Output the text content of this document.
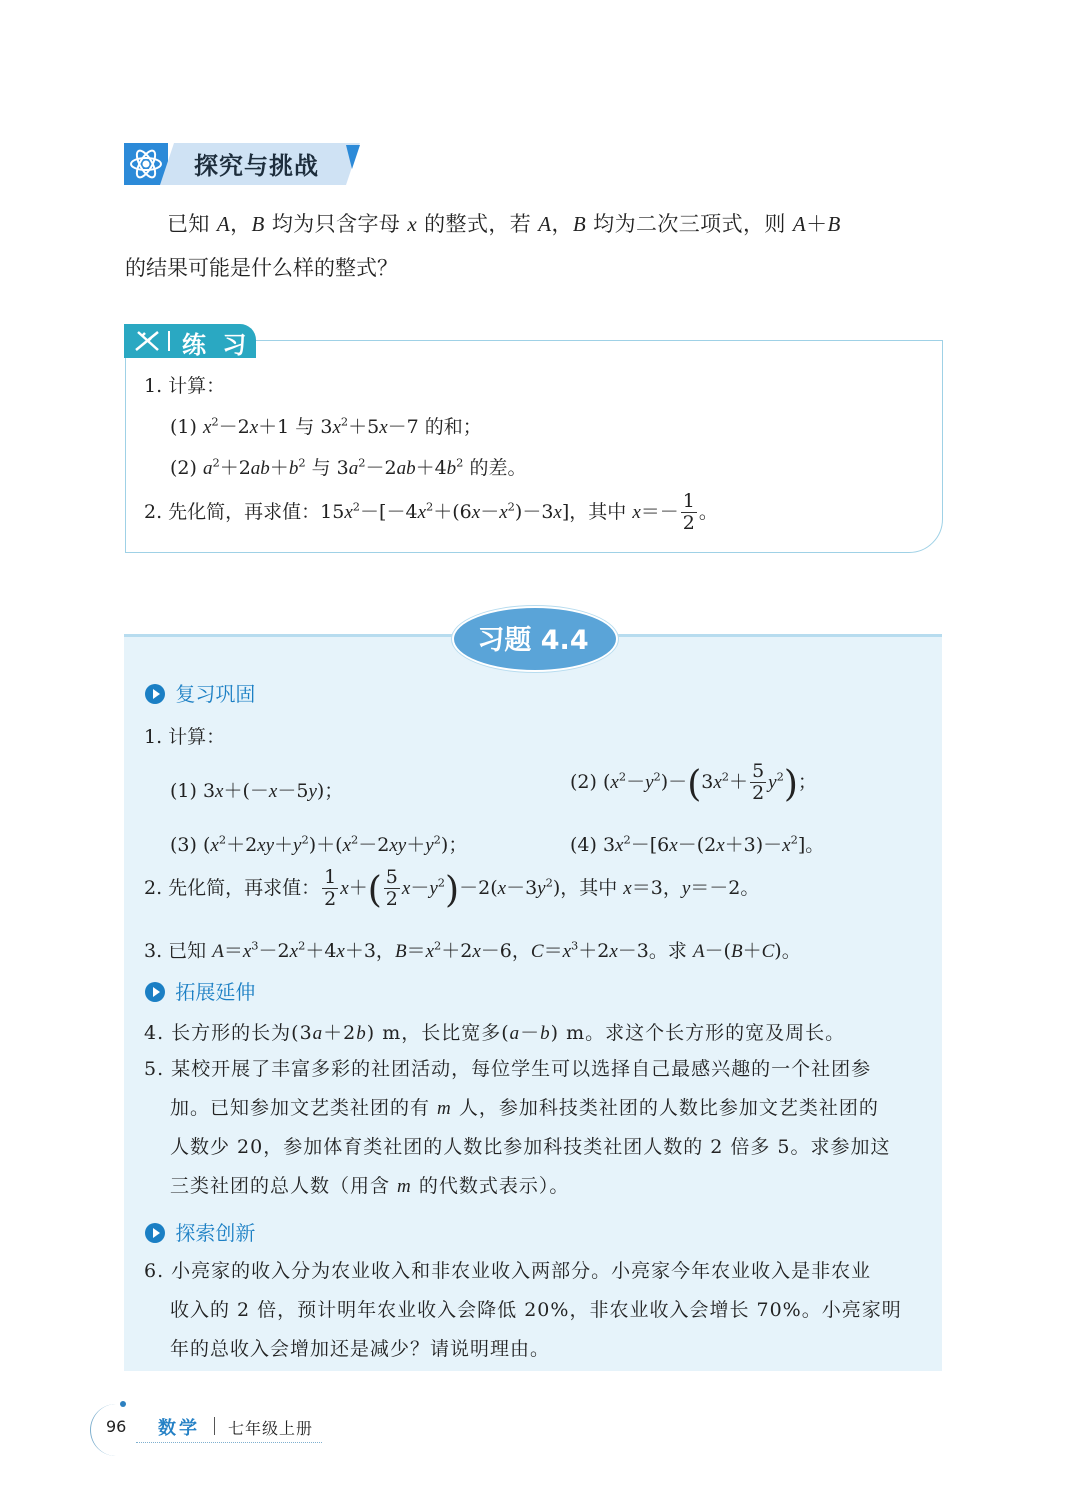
探究与挑战
已知 A，B 均为只含字母 x 的整式，若 A，B 均为二次三项式，则 A＋B
的结果可能是什么样的整式？
练 习
1. 计算：
(1) $x^2-2x+1$ 与 $3x^2+5x-7$ 的和；
(2) $a^2+2ab+b^2$ 与 $3a^2-2ab+4b^2$ 的差。
2. 先化简，再求值：$15x^2-[-4x^2+(6x-x^2)-3x]$，其中 $x=- \frac{1}{2}$ 。
习题 4.4
复习巩固
1. 计算：
(1) 3x＋(－x－5y)；	(2) $(x^2-y^2)-(3x^2+ \frac{5}{2} y^2)$；
(3) $(x^2+2xy+y^2)+(x^2-2xy+y^2)$；	(4) $3x^2-[6x-(2x+3)-x^2]$。
2. 先化简，再求值： $\frac{1}{2} x+( \frac{5}{2} x-y^2)-2(x-3y^2)$，其中 x＝3，y＝－2。
3. 已知 $A=x^3-2x^2+4x+3$，$B=x^2+2x-6$，$C=x^3+2x-3$。求 A－(B＋C)。
拓展延伸
4. 长方形的长为(3a＋2b) m，长比宽多(a－b) m。求这个长方形的宽及周长。
5. 某校开展了丰富多彩的社团活动，每位学生可以选择自己最感兴趣的一个社团参
加。已知参加文艺类社团的有 m 人，参加科技类社团的人数比参加文艺类社团的
人数少 20，参加体育类社团的人数比参加科技类社团人数的 2 倍多 5。求参加这
三类社团的总人数（用含 m 的代数式表示）。
探索创新
6. 小亮家的收入分为农业收入和非农业收入两部分。小亮家今年农业收入是非农业
收入的 2 倍，预计明年农业收入会降低 20%，非农业收入会增长 70%。小亮家明
年的总收入会增加还是减少？请说明理由。
96 数学 七年级上册
